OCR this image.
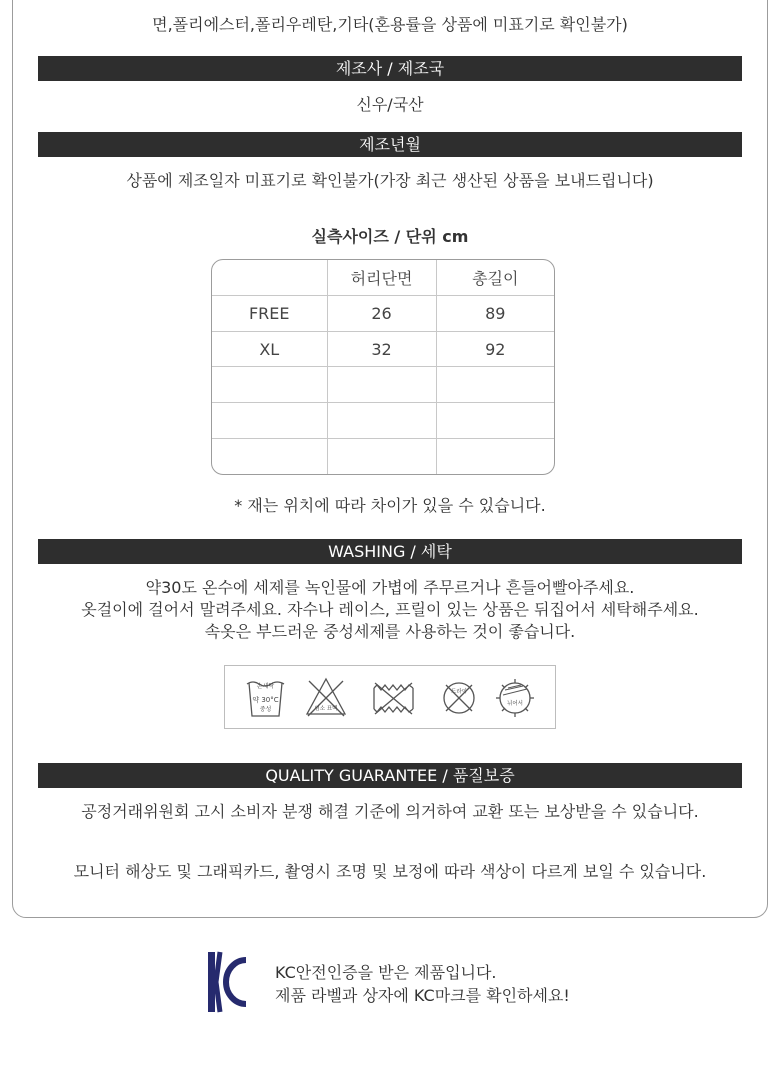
면,폴리에스터,폴리우레탄,기타(혼용률을 상품에 미표기로 확인불가)
제조사 / 제조국
신우/국산
제조년월
상품에 제조일자 미표기로 확인불가(가장 최근 생산된 상품을 보내드립니다)
실측사이즈 / 단위 cm
	허리단면	총길이
FREE	26	89
XL	32	92

* 재는 위치에 따라 차이가 있을 수 있습니다.
WASHING / 세탁
약30도 온수에 세제를 녹인물에 가볍에 주무르거나 흔들어빨아주세요.
옷걸이에 걸어서 말려주세요. 자수나 레이스, 프릴이 있는 상품은 뒤집어서 세탁해주세요.
속옷은 부드러운 중성세제를 사용하는 것이 좋습니다.
손세탁
약 30°C
중성	염소 표백
드라이
뉘어서
QUALITY GUARANTEE / 품질보증
공정거래위원회 고시 소비자 분쟁 해결 기준에 의거하여 교환 또는 보상받을 수 있습니다.
모니터 해상도 및 그래픽카드, 촬영시 조명 및 보정에 따라 색상이 다르게 보일 수 있습니다.
KC안전인증을 받은 제품입니다.
제품 라벨과 상자에 KC마크를 확인하세요!
